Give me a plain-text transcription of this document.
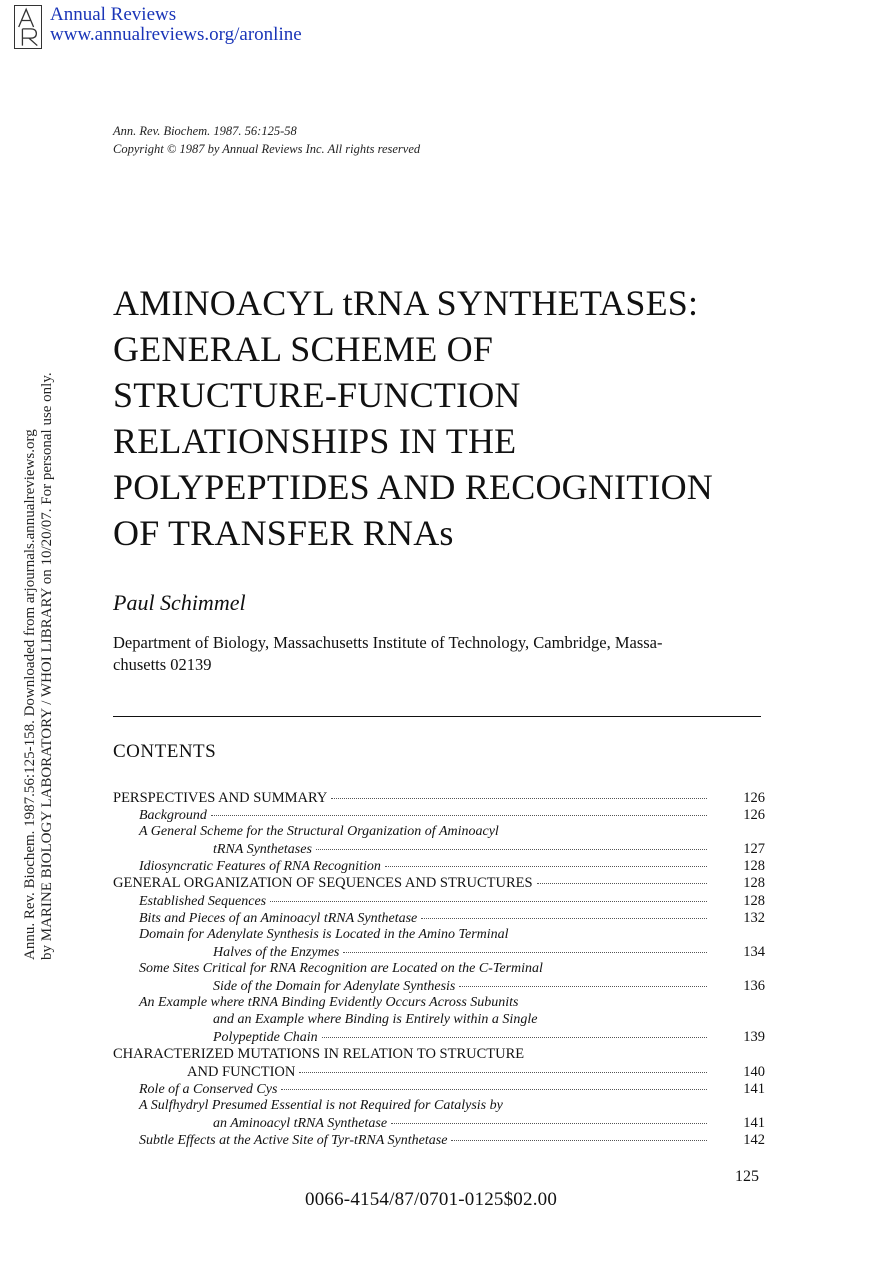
Annual Reviews
www.annualreviews.org/aronline
Annu. Rev. Biochem. 1987.56:125-158. Downloaded from arjournals.annualreviews.org by MARINE BIOLOGY LABORATORY / WHOI LIBRARY on 10/20/07. For personal use only.
Ann. Rev. Biochem. 1987. 56:125-58
Copyright © 1987 by Annual Reviews Inc. All rights reserved
AMINOACYL tRNA SYNTHETASES:
GENERAL SCHEME OF
STRUCTURE-FUNCTION
RELATIONSHIPS IN THE
POLYPEPTIDES AND RECOGNITION
OF TRANSFER RNAs
Paul Schimmel
Department of Biology, Massachusetts Institute of Technology, Cambridge, Massa-
chusetts 02139
CONTENTS
PERSPECTIVES AND SUMMARY	126
Background	126
A General Scheme for the Structural Organization of Aminoacyl
tRNA Synthetases	127
Idiosyncratic Features of RNA Recognition	128
GENERAL ORGANIZATION OF SEQUENCES AND STRUCTURES	128
Established Sequences	128
Bits and Pieces of an Aminoacyl tRNA Synthetase	132
Domain for Adenylate Synthesis is Located in the Amino Terminal
Halves of the Enzymes	134
Some Sites Critical for RNA Recognition are Located on the C-Terminal
Side of the Domain for Adenylate Synthesis	136
An Example where tRNA Binding Evidently Occurs Across Subunits
and an Example where Binding is Entirely within a Single
Polypeptide Chain	139
CHARACTERIZED MUTATIONS IN RELATION TO STRUCTURE
AND FUNCTION	140
Role of a Conserved Cys	141
A Sulfhydryl Presumed Essential is not Required for Catalysis by
an Aminoacyl tRNA Synthetase	141
Subtle Effects at the Active Site of Tyr-tRNA Synthetase	142
125
0066-4154/87/0701-0125$02.00
